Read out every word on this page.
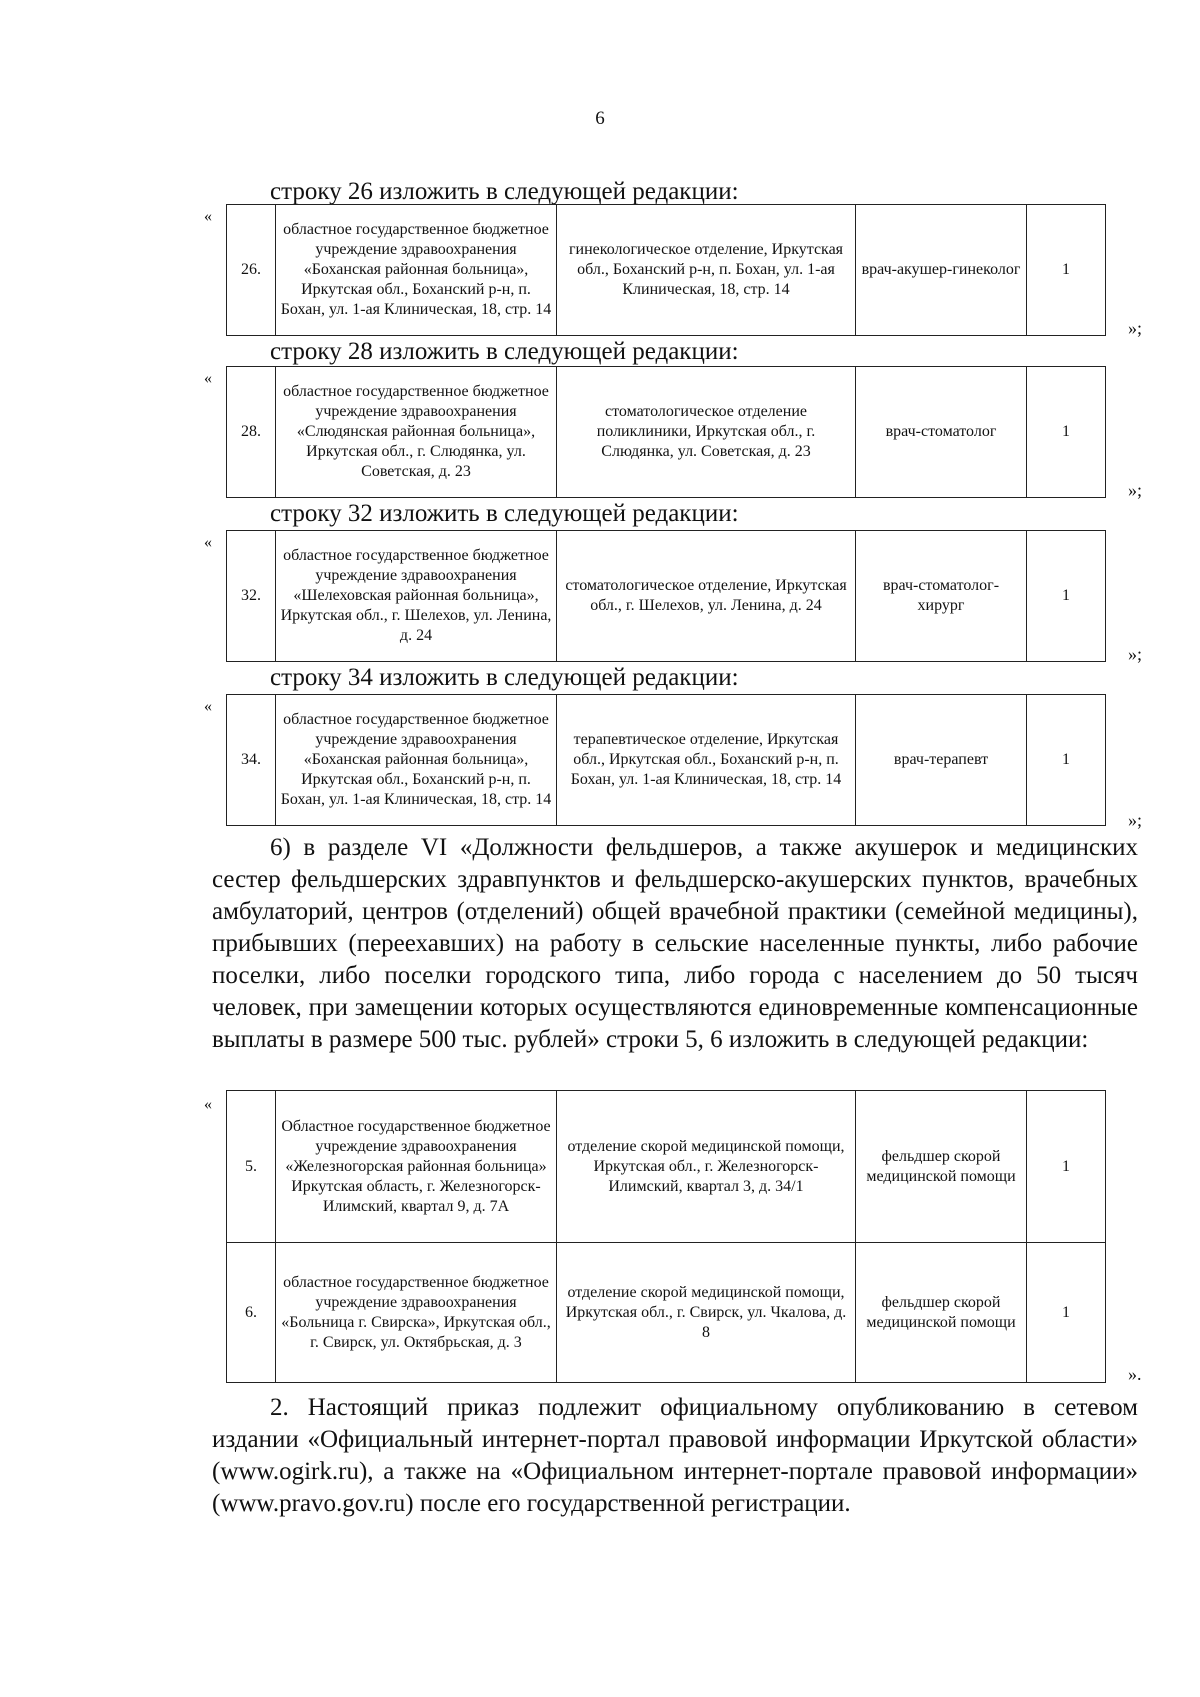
6
строку 26 изложить в следующей редакции:
«
26.	областное государственное бюджетное учреждение здравоохранения «Боханская районная больница», Иркутская обл., Боханский р-н, п. Бохан, ул. 1-ая Клиническая, 18, стр. 14	гинекологическое отделение, Иркутская обл., Боханский р-н, п. Бохан, ул. 1-ая Клиническая, 18, стр. 14	врач-акушер-гинеколог	1	
»;
строку 28 изложить в следующей редакции:
«
28.	областное государственное бюджетное учреждение здравоохранения «Слюдянская районная больница», Иркутская обл., г. Слюдянка, ул. Советская, д. 23	стоматологическое отделение поликлиники, Иркутская обл., г. Слюдянка, ул. Советская, д. 23	врач-стоматолог	1	
»;
строку 32 изложить в следующей редакции:
«
32.	областное государственное бюджетное учреждение здравоохранения «Шелеховская районная больница», Иркутская обл., г. Шелехов, ул. Ленина, д. 24	стоматологическое отделение, Иркутская обл., г. Шелехов, ул. Ленина, д. 24	врач-стоматолог-хирург	1	
»;
строку 34 изложить в следующей редакции:
«
34.	областное государственное бюджетное учреждение здравоохранения «Боханская районная больница», Иркутская обл., Боханский р-н, п. Бохан, ул. 1-ая Клиническая, 18, стр. 14	терапевтическое отделение, Иркутская обл., Иркутская обл., Боханский р-н, п. Бохан, ул. 1-ая Клиническая, 18, стр. 14	врач-терапевт	1	
»;
6) в разделе VI «Должности фельдшеров, а также акушерок и медицинских сестер фельдшерских здравпунктов и фельдшерско-акушерских пунктов, врачебных амбулаторий, центров (отделений) общей врачебной практики (семейной медицины), прибывших (переехавших) на работу в сельские населенные пункты, либо рабочие поселки, либо поселки городского типа, либо города с населением до 50 тысяч человек, при замещении которых осуществляются единовременные компенсационные выплаты в размере 500 тыс. рублей» строки 5, 6 изложить в следующей редакции:
«
5.	Областное государственное бюджетное учреждение здравоохранения «Железногорская районная больница» Иркутская область, г. Железногорск-Илимский, квартал 9, д. 7А	отделение скорой медицинской помощи, Иркутская обл., г. Железногорск-Илимский, квартал 3, д. 34/1	фельдшер скорой медицинской помощи	1	
6.	областное государственное бюджетное учреждение здравоохранения «Больница г. Свирска», Иркутская обл., г. Свирск, ул. Октябрьская, д. 3	отделение скорой медицинской помощи, Иркутская обл., г. Свирск, ул. Чкалова, д. 8	фельдшер скорой медицинской помощи	1	
».
2. Настоящий приказ подлежит официальному опубликованию в сетевом издании «Официальный интернет-портал правовой информации Иркутской области» (www.ogirk.ru), а также на «Официальном интернет-портале правовой информации» (www.pravo.gov.ru) после его государственной регистрации.
